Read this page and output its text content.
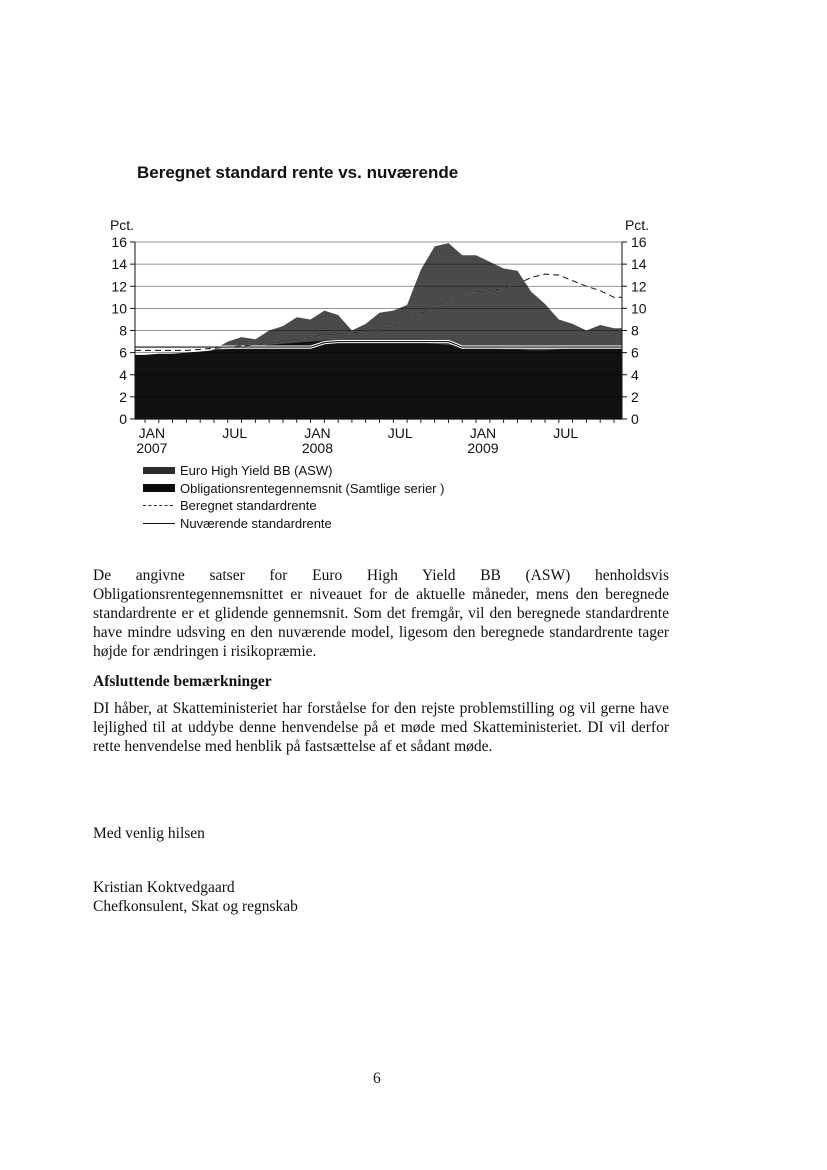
Beregnet standard rente vs. nuværende
0	0
2	2
4	4
6	6
8	8
10	10
12	12
14	14
16	16
Pct.	Pct.
JAN
2007
JUL	JAN
2008
JUL	JAN
2009
JUL
Euro High Yield BB (ASW)
Obligationsrentegennemsnit (Samtlige serier )
Beregnet standardrente
Nuværende standardrente

De angivne satser for Euro High Yield BB (ASW) henholdsvis Obligationsrentegennemsnittet er niveauet for de aktuelle måneder, mens den beregnede standardrente er et glidende gennemsnit. Som det fremgår, vil den beregnede standardrente have mindre udsving en den nuværende model, ligesom den beregnede standardrente tager højde for ændringen i risikopræmie.

Afsluttende bemærkninger

DI håber, at Skatteministeriet har forståelse for den rejste problemstilling og vil gerne have lejlighed til at uddybe denne henvendelse på et møde med Skatteministeriet. DI vil derfor rette henvendelse med henblik på fastsættelse af et sådant møde.

Med venlig hilsen
Kristian Koktvedgaard
Chefkonsulent, Skat og regnskab
6
